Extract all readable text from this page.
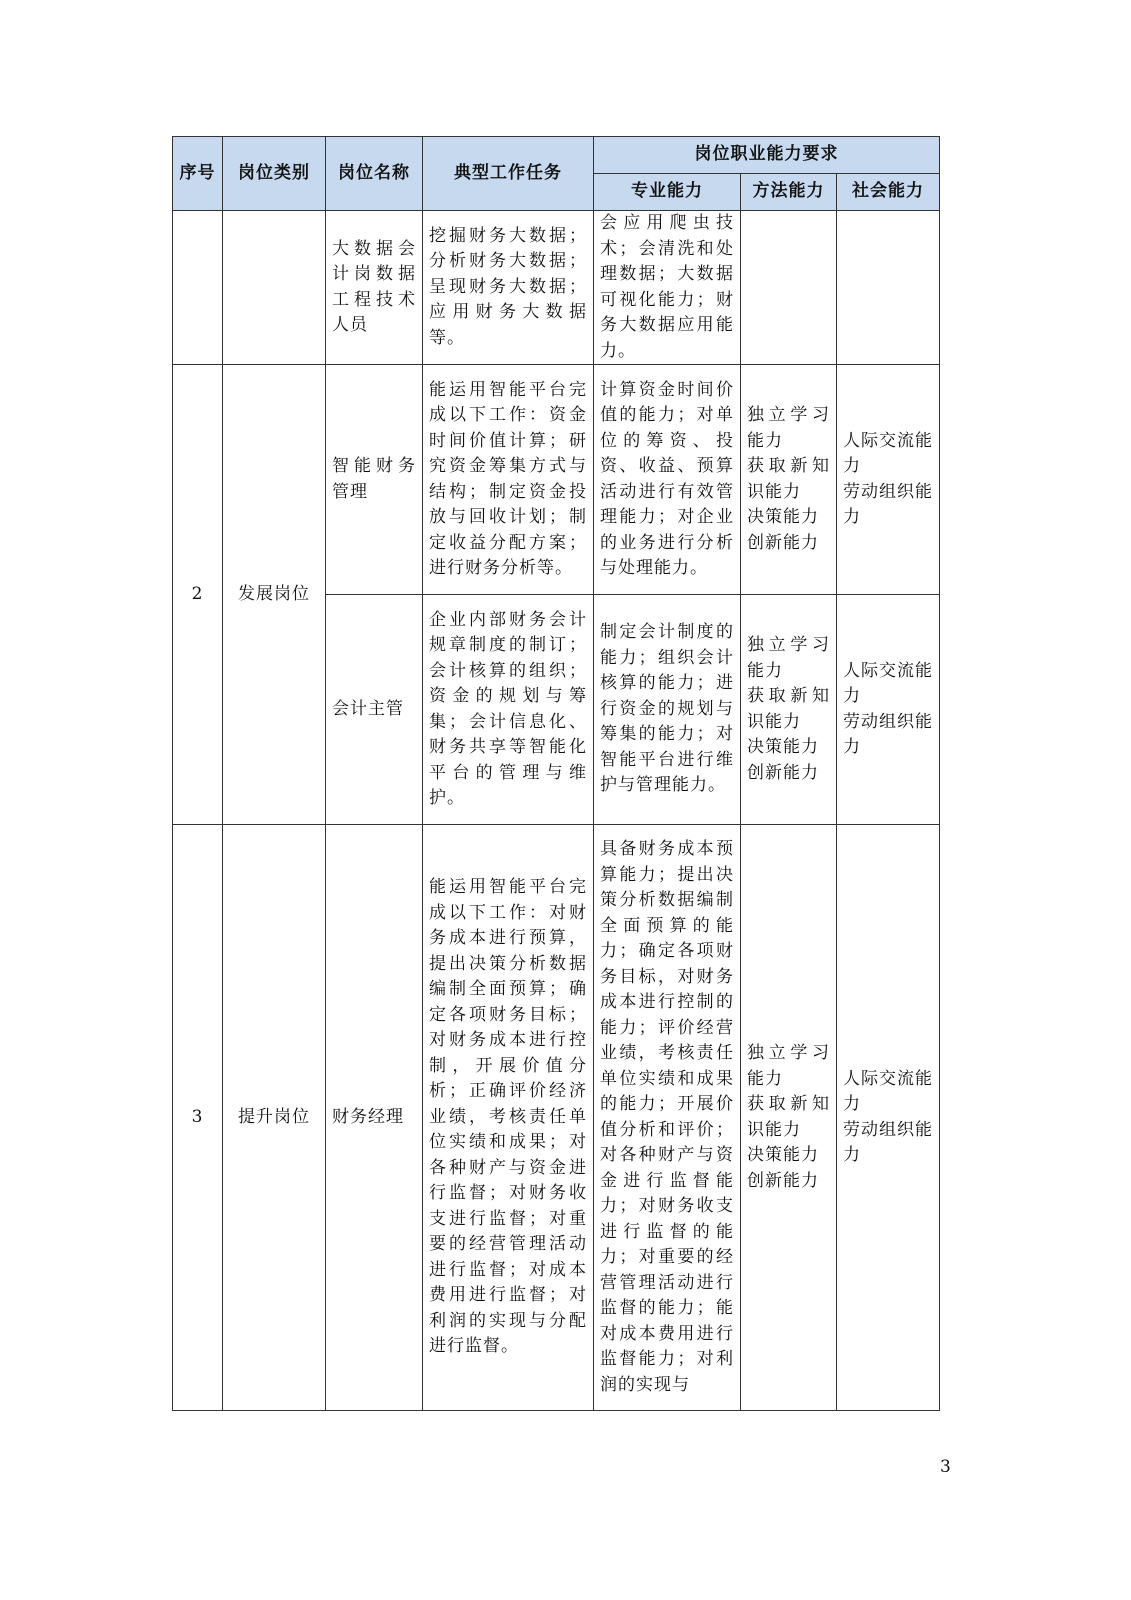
序号	岗位类别	岗位名称	典型工作任务	岗位职业能力要求		
				专业能力	方法能力	社会能力
		大数据会计岗数据工程技术人员	挖掘财务大数据；分析财务大数据；呈现财务大数据；应用财务大数据等。	会应用爬虫技术；会清洗和处理数据；大数据可视化能力；财务大数据应用能力。		
2	发展岗位	智能财务管理	能运用智能平台完成以下工作：资金时间价值计算；研究资金筹集方式与结构；制定资金投放与回收计划；制定收益分配方案；进行财务分析等。	计算资金时间价值的能力；对单位的筹资、投资、收益、预算活动进行有效管理能力；对企业的业务进行分析与处理能力。	独立学习能力
获取新知识能力
决策能力
创新能力	人际交流能力
劳动组织能力
		会计主管	企业内部财务会计规章制度的制订；会计核算的组织；资金的规划与筹集；会计信息化、财务共享等智能化平台的管理与维护。	制定会计制度的能力；组织会计核算的能力；进行资金的规划与筹集的能力；对智能平台进行维护与管理能力。	独立学习能力
获取新知识能力
决策能力
创新能力	人际交流能力
劳动组织能力
3	提升岗位	财务经理	能运用智能平台完成以下工作：对财务成本进行预算，提出决策分析数据编制全面预算；确定各项财务目标；对财务成本进行控制，开展价值分析；正确评价经济业绩，考核责任单位实绩和成果；对各种财产与资金进行监督；对财务收支进行监督；对重要的经营管理活动进行监督；对成本费用进行监督；对利润的实现与分配进行监督。	具备财务成本预算能力；提出决策分析数据编制全面预算的能力；确定各项财务目标，对财务成本进行控制的能力；评价经营业绩，考核责任单位实绩和成果的能力；开展价值分析和评价；对各种财产与资金进行监督能力；对财务收支进行监督的能力；对重要的经营管理活动进行监督的能力；能对成本费用进行监督能力；对利润的实现与	独立学习能力
获取新知识能力
决策能力
创新能力	人际交流能力
劳动组织能力
3
